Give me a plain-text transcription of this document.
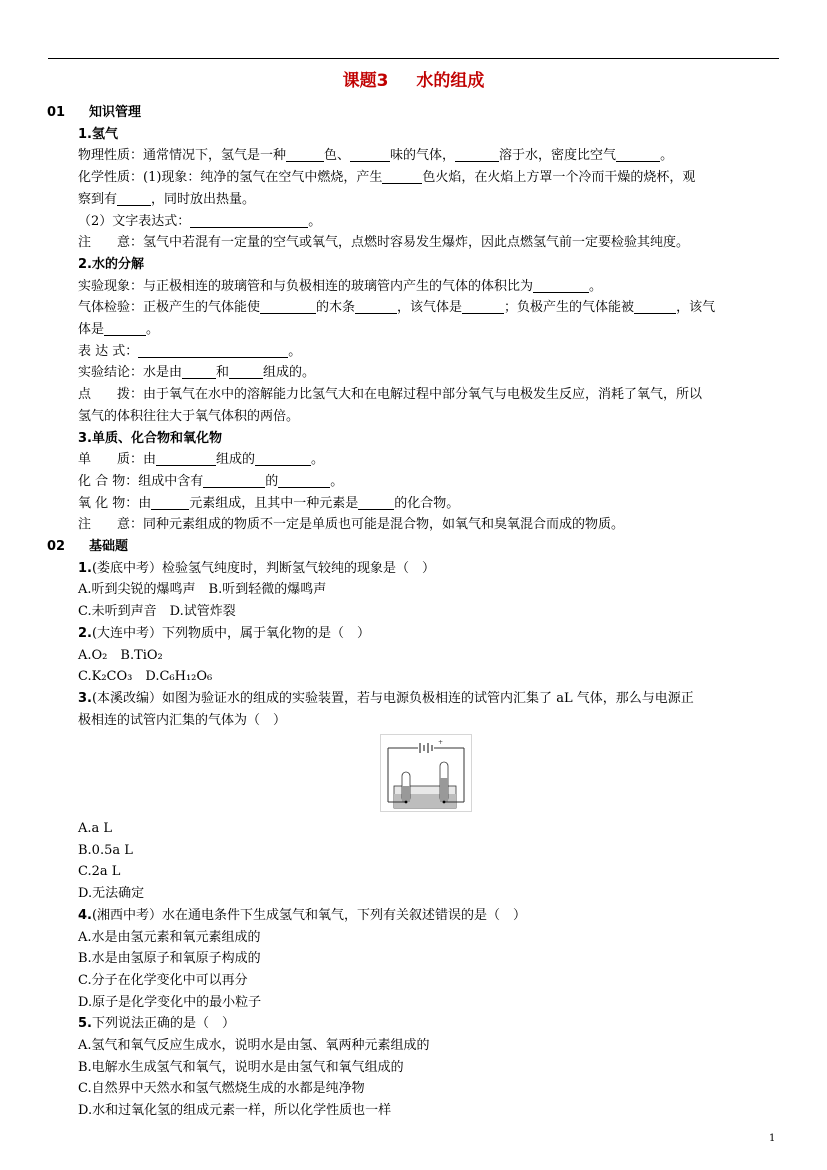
课题3 水的组成

01 知识管理

1.氢气

物理性质：通常情况下，氢气是一种	色、	味的气体，	溶于水，密度比空气	。

化学性质：(1)现象：纯净的氢气在空气中燃烧，产生	色火焰，在火焰上方罩一个冷而干燥的烧杯，观

察到有	，同时放出热量。

（2）文字表达式：	。

注　　意：氢气中若混有一定量的空气或氧气，点燃时容易发生爆炸，因此点燃氢气前一定要检验其纯度。

2.水的分解

实验现象：与正极相连的玻璃管和与负极相连的玻璃管内产生的气体的体积比为	。

气体检验：正极产生的气体能使	的木条	，该气体是	；负极产生的气体能被	，该气

体是	。

表 达 式：	。

实验结论：水是由	和	组成的。

点　　拨：由于氧气在水中的溶解能力比氢气大和在电解过程中部分氧气与电极发生反应，消耗了氧气，所以

氢气的体积往往大于氧气体积的两倍。

3.单质、化合物和氧化物

单　　质：由	组成的	。

化 合 物：组成中含有	的	。

氧 化 物：由	元素组成，且其中一种元素是	的化合物。

注　　意：同种元素组成的物质不一定是单质也可能是混合物，如氧气和臭氧混合而成的物质。

02 基础题

1.(娄底中考）检验氢气纯度时，判断氢气较纯的现象是（　）

A.听到尖锐的爆鸣声　B.听到轻微的爆鸣声

C.未听到声音　D.试管炸裂

2.(大连中考）下列物质中，属于氧化物的是（　）

A.O₂　B.TiO₂

C.K₂CO₃　D.C₆H₁₂O₆

3.(本溪改编）如图为验证水的组成的实验装置，若与电源负极相连的试管内汇集了 aL 气体，那么与电源正

极相连的试管内汇集的气体为（　）

+

A.a L

B.0.5a L

C.2a L

D.无法确定

4.(湘西中考）水在通电条件下生成氢气和氧气，下列有关叙述错误的是（　）

A.水是由氢元素和氧元素组成的

B.水是由氢原子和氧原子构成的

C.分子在化学变化中可以再分

D.原子是化学变化中的最小粒子

5.下列说法正确的是（　）

A.氢气和氧气反应生成水，说明水是由氢、氧两种元素组成的

B.电解水生成氢气和氧气，说明水是由氢气和氧气组成的

C.自然界中天然水和氢气燃烧生成的水都是纯净物

D.水和过氧化氢的组成元素一样，所以化学性质也一样

1
